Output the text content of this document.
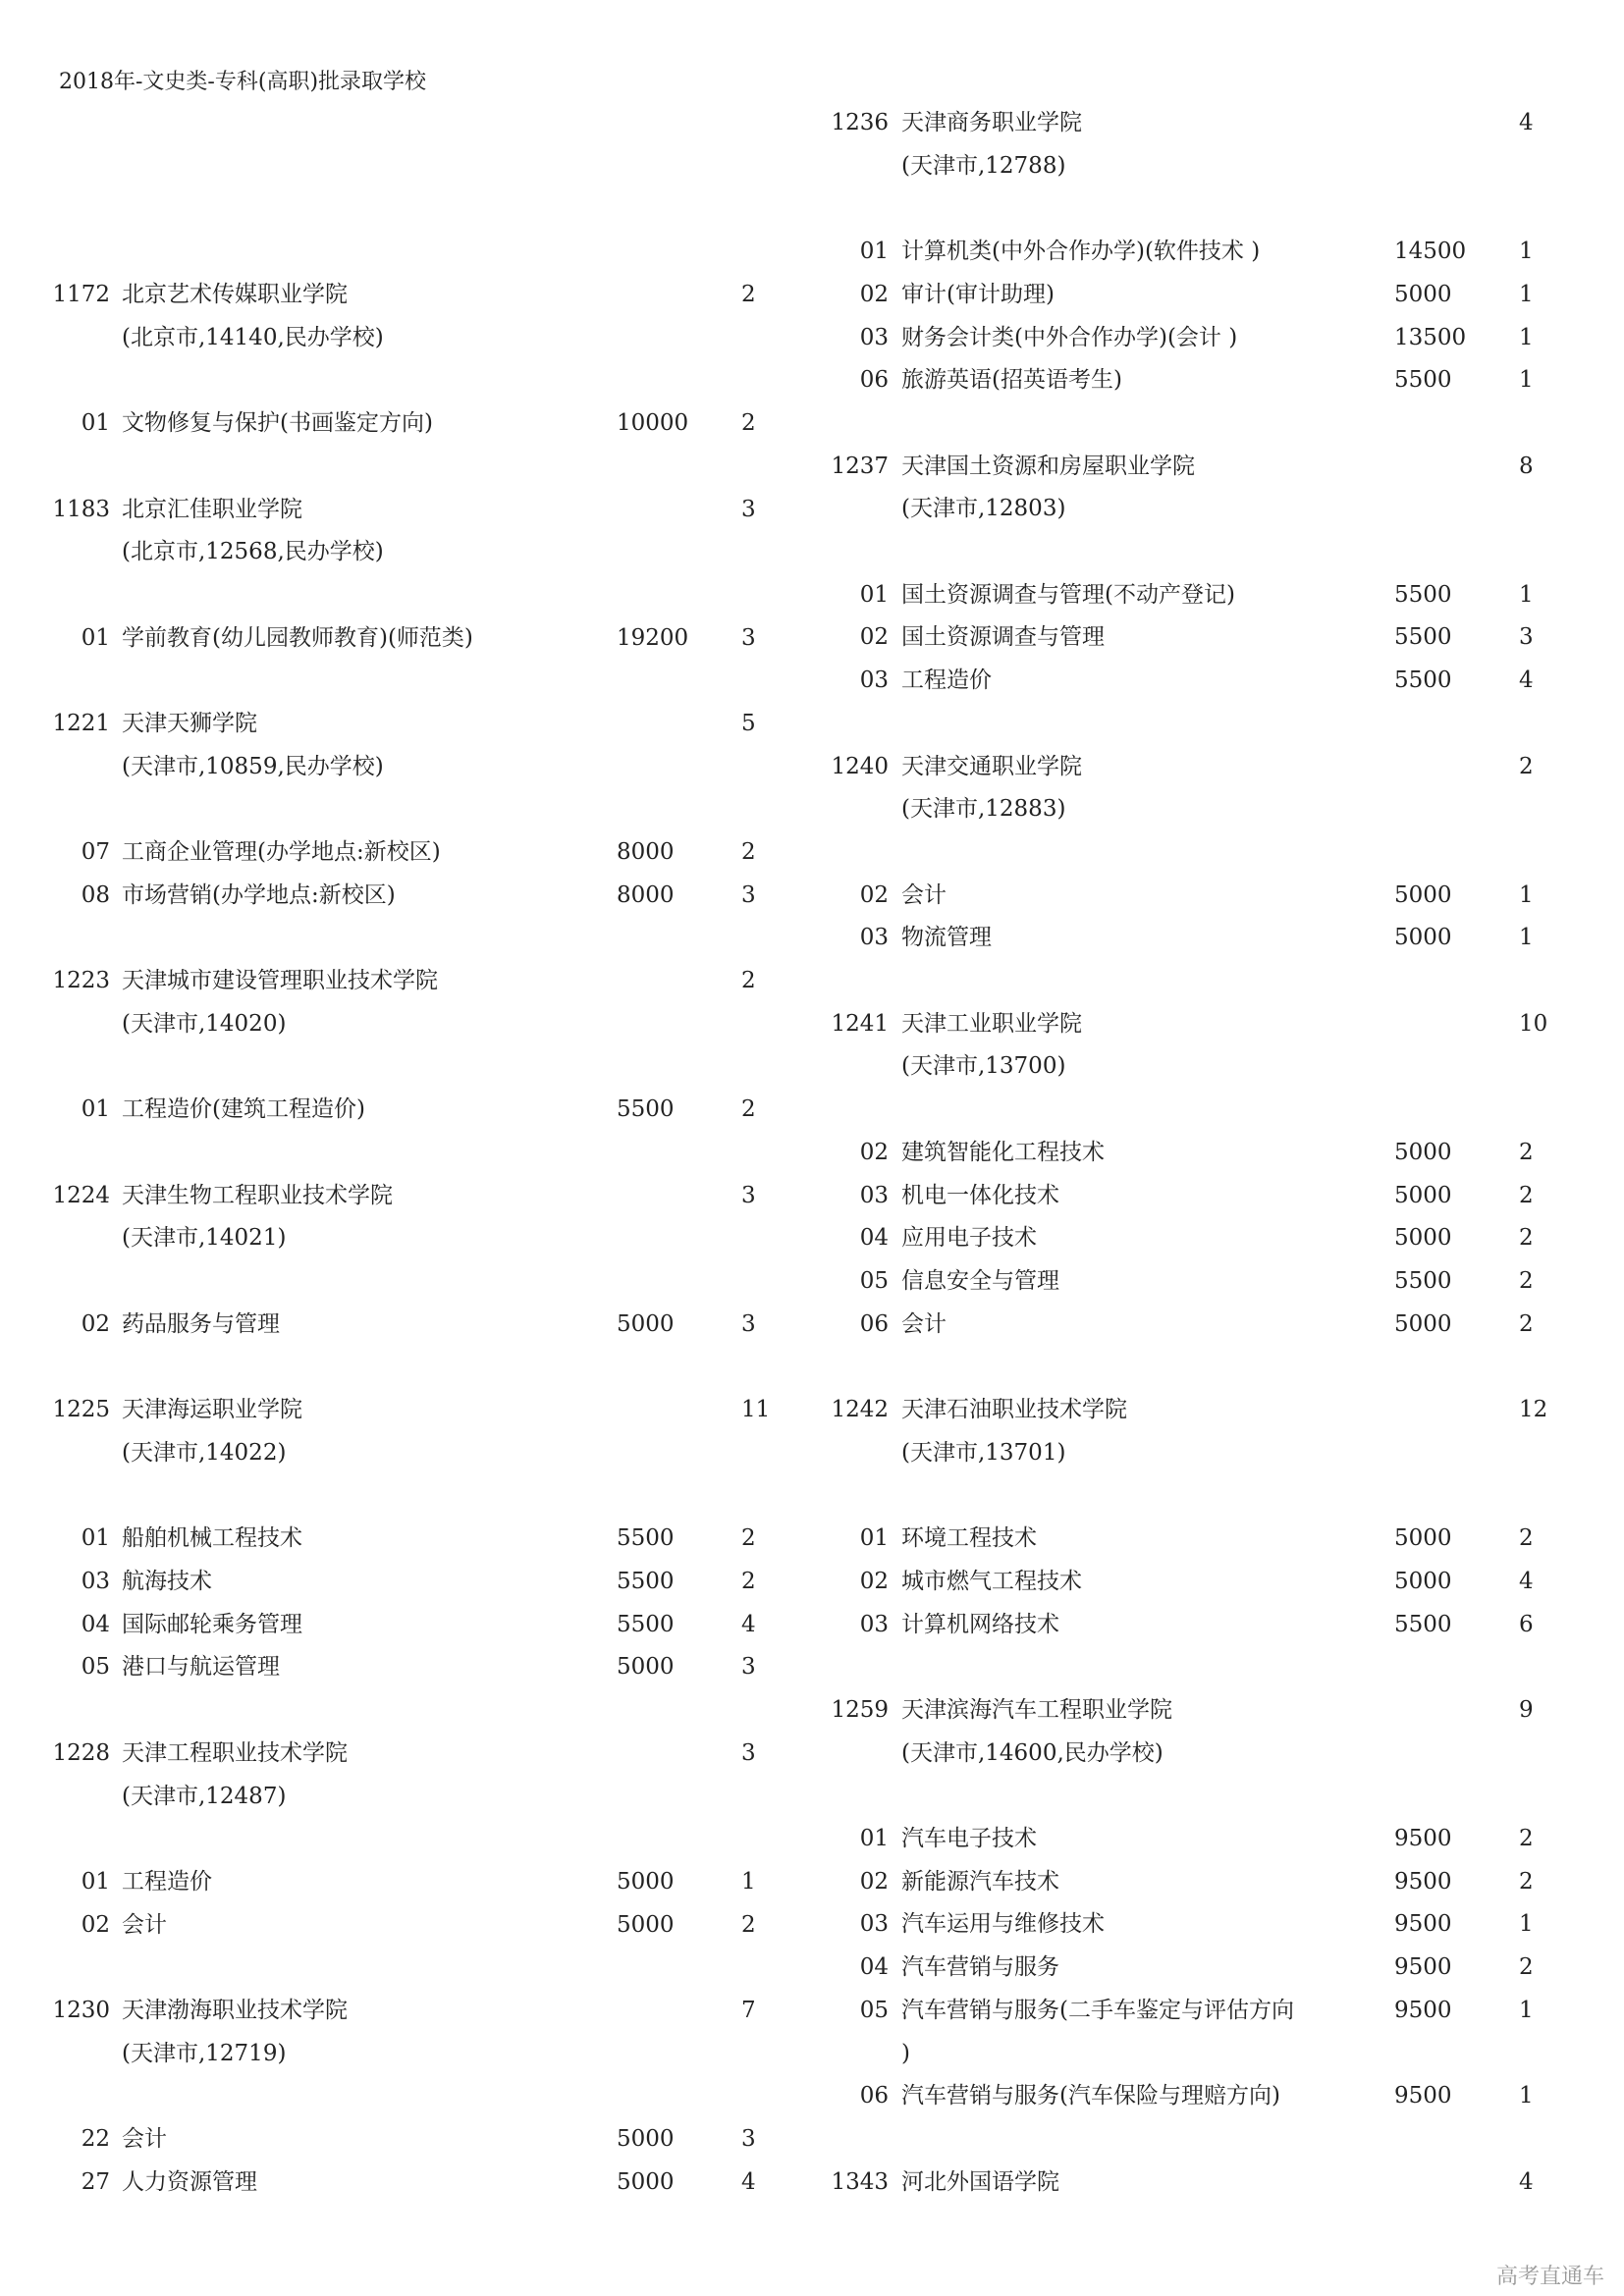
2018年-文史类-专科(高职)批录取学校
1172 北京艺术传媒职业学院	2
(北京市,14140,民办学校)
01 文物修复与保护(书画鉴定方向)	10000 2
1183 北京汇佳职业学院	3
(北京市,12568,民办学校)
01 学前教育(幼儿园教师教育)(师范类)	19200 3
1221 天津天狮学院	5
(天津市,10859,民办学校)
07 工商企业管理(办学地点:新校区)	8000	2
08 市场营销(办学地点:新校区)	8000	3
1223 天津城市建设管理职业技术学院	2
(天津市,14020)
01 工程造价(建筑工程造价)	5500	2
1224 天津生物工程职业技术学院	3
(天津市,14021)
02 药品服务与管理	5000	3
1225 天津海运职业学院	11
(天津市,14022)
01 船舶机械工程技术	5500	2
03 航海技术	5500	2
04 国际邮轮乘务管理	5500	4
05 港口与航运管理	5000	3
1228 天津工程职业技术学院	3
(天津市,12487)
01 工程造价	5000	1
02 会计	5000	2
1230 天津渤海职业技术学院	7
(天津市,12719)
22 会计	5000	3
27 人力资源管理	5000	4
1236 天津商务职业学院	4
(天津市,12788)
01 计算机类(中外合作办学)(软件技术 )	14500 1
02 审计(审计助理)	5000	1
03 财务会计类(中外合作办学)(会计 )	13500 1
06 旅游英语(招英语考生)	5500	1
1237 天津国土资源和房屋职业学院	8
(天津市,12803)
01 国土资源调查与管理(不动产登记)	5500	1
02 国土资源调查与管理	5500	3
03 工程造价	5500	4
1240 天津交通职业学院	2
(天津市,12883)
02 会计	5000	1
03 物流管理	5000	1
1241 天津工业职业学院	10
(天津市,13700)
02 建筑智能化工程技术	5000	2
03 机电一体化技术	5000	2
04 应用电子技术	5000	2
05 信息安全与管理	5500	2
06 会计	5000	2
1242 天津石油职业技术学院	12
(天津市,13701)
01 环境工程技术	5000	2
02 城市燃气工程技术	5000	4
03 计算机网络技术	5500	6
1259 天津滨海汽车工程职业学院	9
(天津市,14600,民办学校)
01 汽车电子技术	9500	2
02 新能源汽车技术	9500	2
03 汽车运用与维修技术	9500	1
04 汽车营销与服务	9500	2
05 汽车营销与服务(二手车鉴定与评估方向	9500	1
)
06 汽车营销与服务(汽车保险与理赔方向)	9500	1
1343 河北外国语学院	4
高考直通车
